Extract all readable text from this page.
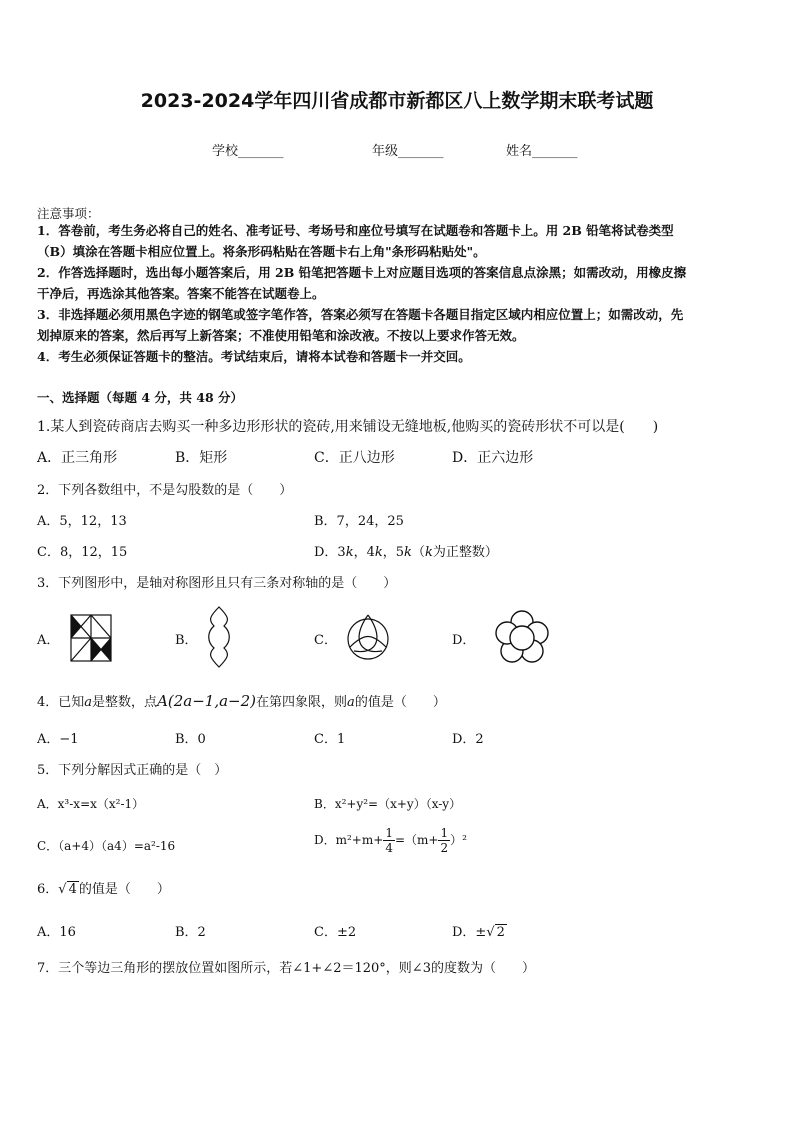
2023-2024学年四川省成都市新都区八上数学期末联考试题
学校_______	年级_______	姓名_______
注意事项：
1．答卷前，考生务必将自己的姓名、准考证号、考场号和座位号填写在试题卷和答题卡上。用 2B 铅笔将试卷类型
（B）填涂在答题卡相应位置上。将条形码粘贴在答题卡右上角"条形码粘贴处"。
2．作答选择题时，选出每小题答案后，用 2B 铅笔把答题卡上对应题目选项的答案信息点涂黑；如需改动，用橡皮擦
干净后，再选涂其他答案。答案不能答在试题卷上。
3．非选择题必须用黑色字迹的钢笔或签字笔作答，答案必须写在答题卡各题目指定区域内相应位置上；如需改动，先
划掉原来的答案，然后再写上新答案；不准使用铅笔和涂改液。不按以上要求作答无效。
4．考生必须保证答题卡的整洁。考试结束后，请将本试卷和答题卡一并交回。
一、选择题（每题 4 分，共 48 分）
1.某人到瓷砖商店去购买一种多边形形状的瓷砖,用来铺设无缝地板,他购买的瓷砖形状不可以是(　　)
A．正三角形	B．矩形	C．正八边形	D．正六边形
2．下列各数组中，不是勾股数的是（　　）
A．5，12，13	B．7，24，25
C．8，12，15	D．3k，4k，5k（k为正整数）
3．下列图形中，是轴对称图形且只有三条对称轴的是（　　）
A．	B．	C．	D．
4．已知a是整数，点A(2a−1,a−2)在第四象限，则a的值是（　　）
A．−1	B．0	C．1	D．2
5．下列分解因式正确的是（　）
A．x³-x=x（x²-1）	B．x²+y²=（x+y）（x-y）
C．（a+4）（a4）=a²-16	D．$m^2+m+ \frac{1}{4} =(m+ \frac{1}{2} )^2$
6．√ 4 的值是（　　）
A．16	B．2	C．±2	D．±√ 2
7．三个等边三角形的摆放位置如图所示，若∠1+∠2＝120°，则∠3的度数为（　　）
